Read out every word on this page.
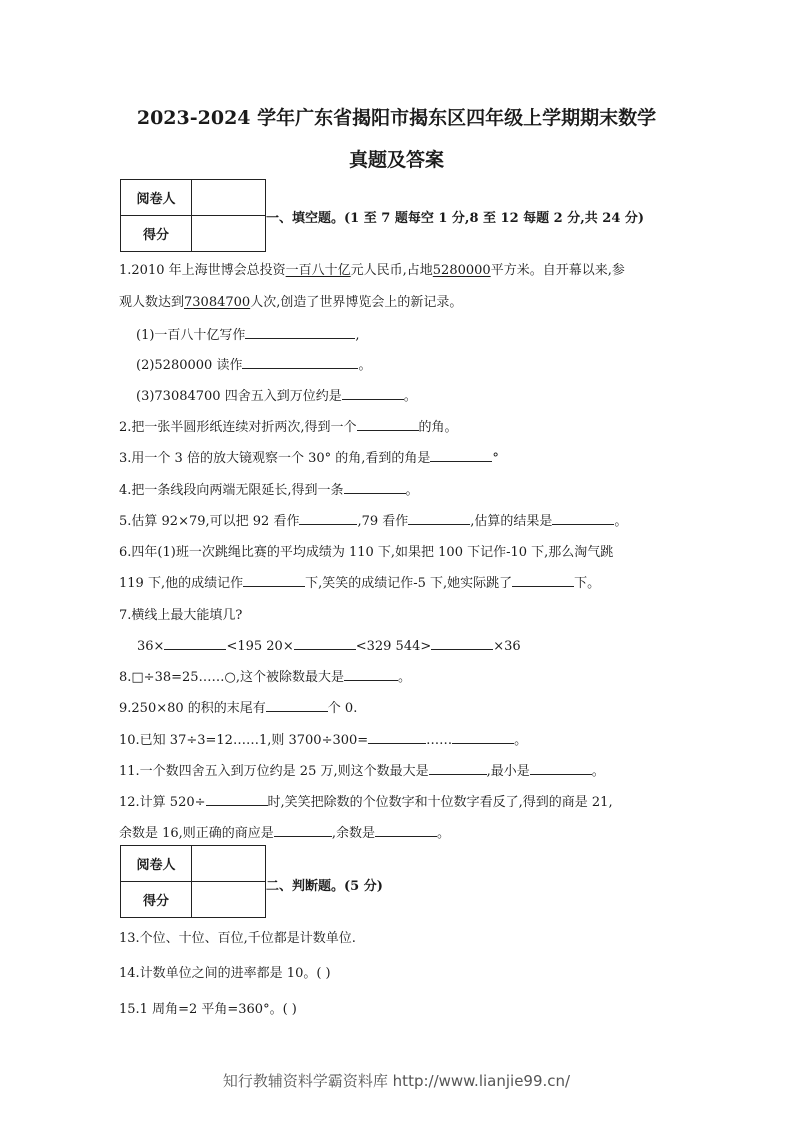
2023-2024 学年广东省揭阳市揭东区四年级上学期期末数学
真题及答案
阅卷人	
得分	
一、填空题。(1 至 7 题每空 1 分,8 至 12 每题 2 分,共 24 分)
1.2010 年上海世博会总投资一百八十亿元人民币,占地5280000平方米。自开幕以来,参
观人数达到73084700人次,创造了世界博览会上的新记录。
(1)一百八十亿写作	,
(2)5280000 读作	。
(3)73084700 四舍五入到万位约是	。
2.把一张半圆形纸连续对折两次,得到一个	的角。
3.用一个 3 倍的放大镜观察一个 30° 的角,看到的角是	°
4.把一条线段向两端无限延长,得到一条	。
5.估算 92×79,可以把 92 看作	,79 看作	,估算的结果是	。
6.四年(1)班一次跳绳比赛的平均成绩为 110 下,如果把 100 下记作-10 下,那么淘气跳
119 下,他的成绩记作	下,笑笑的成绩记作-5 下,她实际跳了	下。
7.横线上最大能填几?
36×	<195 20×	<329 544>	×36
8.□÷38=25……○,这个被除数最大是	。
9.250×80 的积的末尾有	个 0.
10.已知 37÷3=12……1,则 3700÷300=	……	。
11.一个数四舍五入到万位约是 25 万,则这个数最大是	,最小是	。
12.计算 520÷	时,笑笑把除数的个位数字和十位数字看反了,得到的商是 21,
余数是 16,则正确的商应是	,余数是	。
阅卷人	
得分	
二、判断题。(5 分)
13.个位、十位、百位,千位都是计数单位.
14.计数单位之间的进率都是 10。( )
15.1 周角=2 平角=360°。( )
知行教辅资料学霸资料库 http://www.lianjie99.cn/
